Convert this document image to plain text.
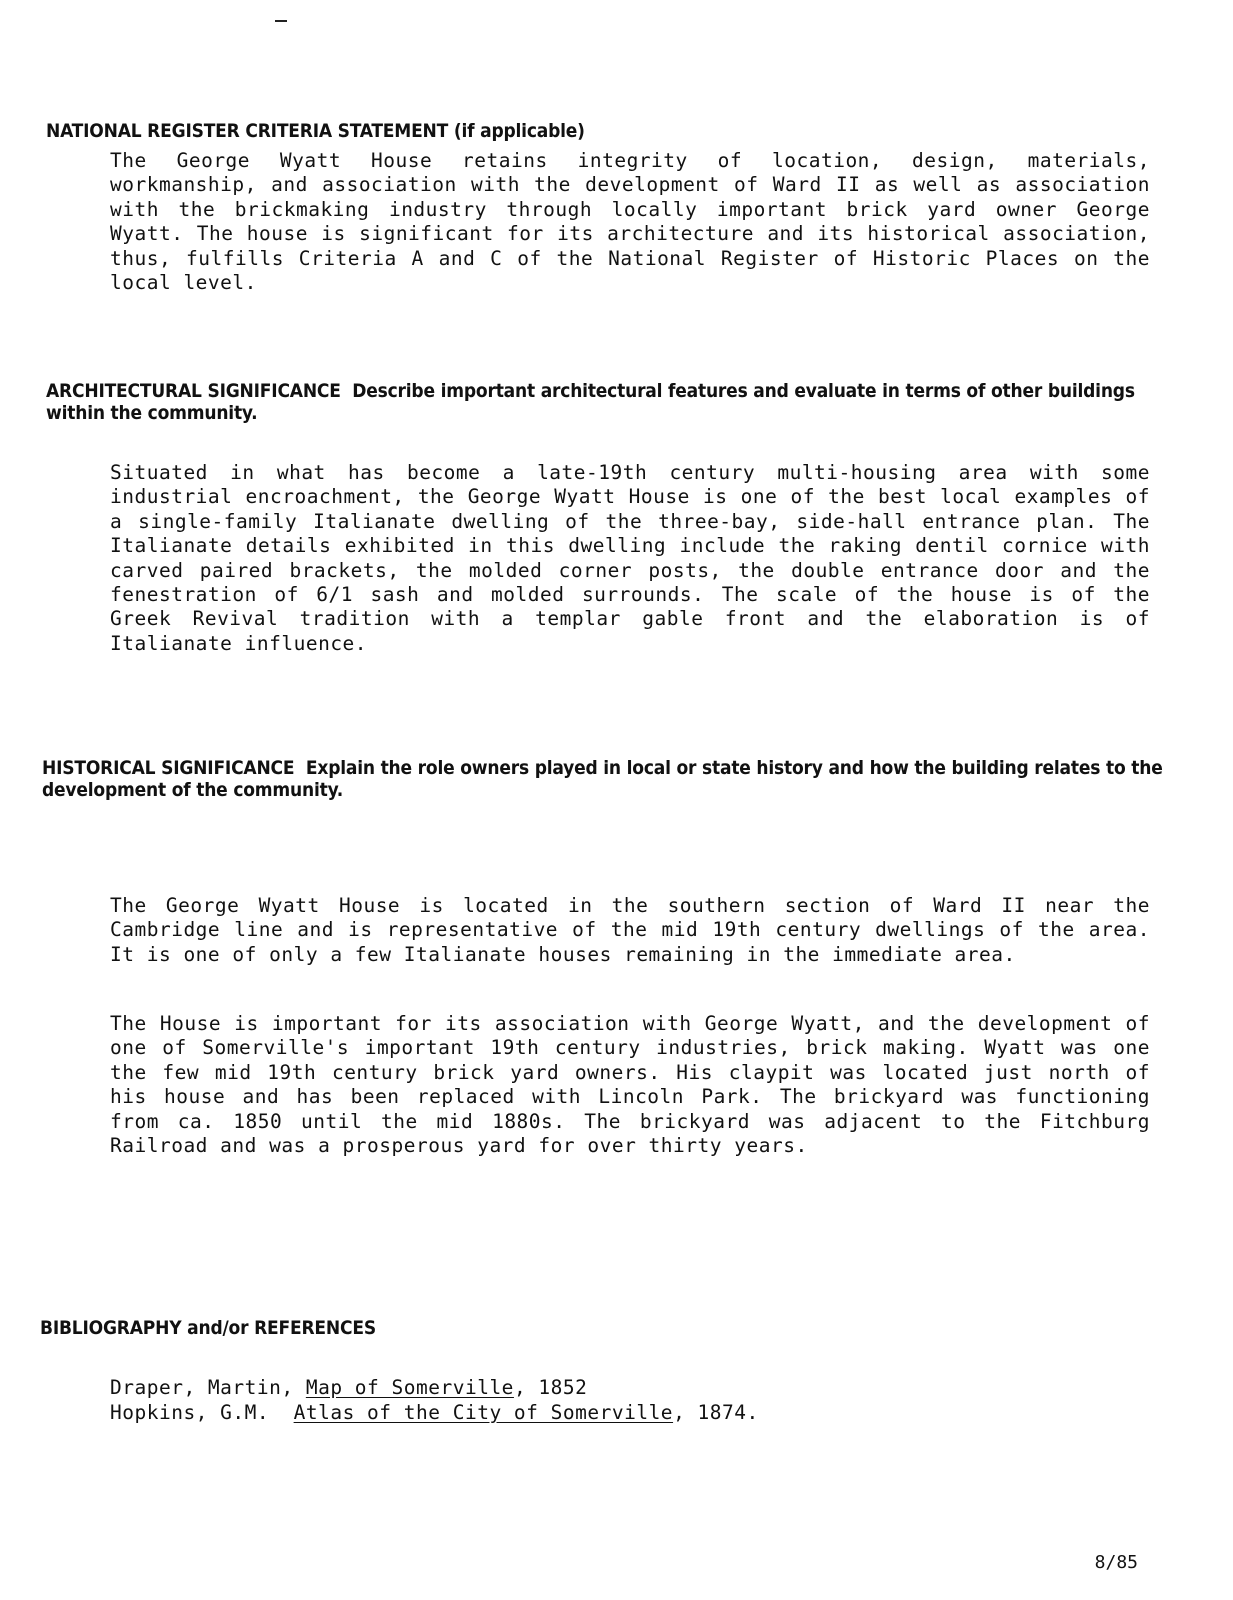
NATIONAL REGISTER CRITERIA STATEMENT (if applicable)

The George Wyatt House retains integrity of location, design, materials, workmanship, and association with the development of Ward II as well as association with the brickmaking industry through locally important brick yard owner George Wyatt. The house is significant for its architecture and its historical association, thus, fulfills Criteria A and C of the National Register of Historic Places on the local level.

ARCHITECTURAL SIGNIFICANCE Describe important architectural features and evaluate in terms of other buildings within the community.

Situated in what has become a late-19th century multi-housing area with some industrial encroachment, the George Wyatt House is one of the best local examples of a single-family Italianate dwelling of the three-bay, side-hall entrance plan. The Italianate details exhibited in this dwelling include the raking dentil cornice with carved paired brackets, the molded corner posts, the double entrance door and the fenestration of 6/1 sash and molded surrounds. The scale of the house is of the Greek Revival tradition with a templar gable front and the elaboration is of Italianate influence.

HISTORICAL SIGNIFICANCE Explain the role owners played in local or state history and how the building relates to the development of the community.

The George Wyatt House is located in the southern section of Ward II near the Cambridge line and is representative of the mid 19th century dwellings of the area. It is one of only a few Italianate houses remaining in the immediate area.

The House is important for its association with George Wyatt, and the development of one of Somerville's important 19th century industries, brick making. Wyatt was one the few mid 19th century brick yard owners. His claypit was located just north of his house and has been replaced with Lincoln Park. The brickyard was functioning from ca. 1850 until the mid 1880s. The brickyard was adjacent to the Fitchburg Railroad and was a prosperous yard for over thirty years.

BIBLIOGRAPHY and/or REFERENCES
Draper, Martin, Map of Somerville, 1852
Hopkins, G.M.  Atlas of the City of Somerville, 1874.
8/85
